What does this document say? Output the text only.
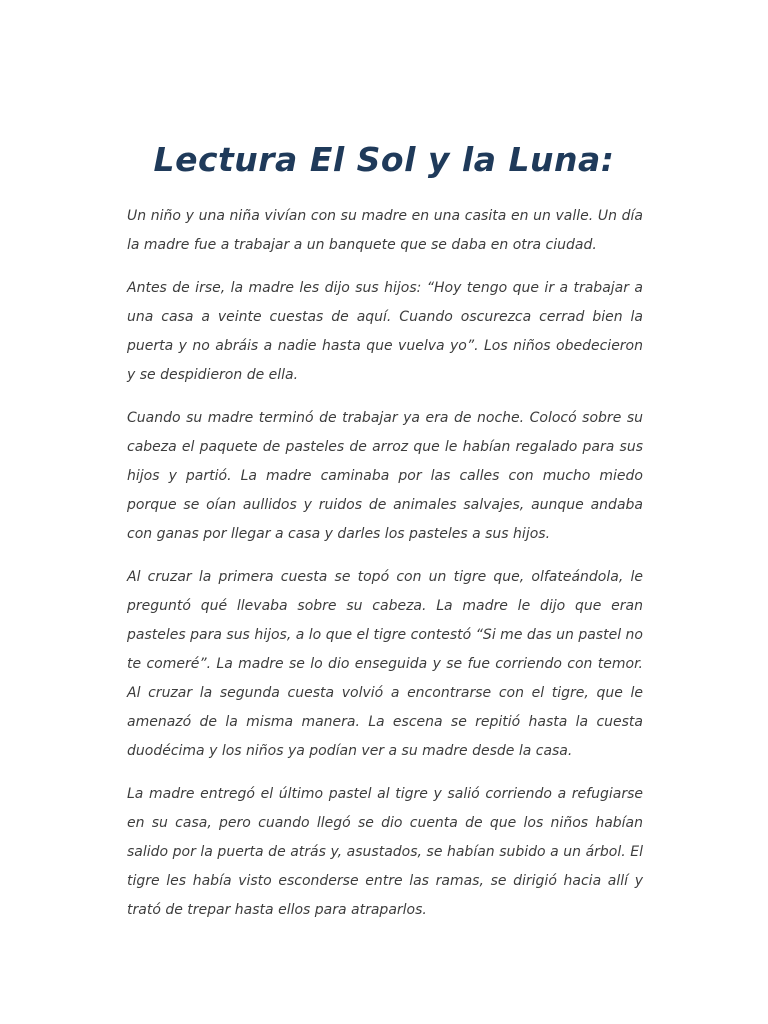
Lectura El Sol y la Luna:

Un niño y una niña vivían con su madre en una casita en un valle. Un día la madre fue a trabajar a un banquete que se daba en otra ciudad.

Antes de irse, la madre les dijo sus hijos: “Hoy tengo que ir a trabajar a una casa a veinte cuestas de aquí. Cuando oscurezca cerrad bien la puerta y no abráis a nadie hasta que vuelva yo”. Los niños obedecieron y se despidieron de ella.

Cuando su madre terminó de trabajar ya era de noche. Colocó sobre su cabeza el paquete de pasteles de arroz que le habían regalado para sus hijos y partió. La madre caminaba por las calles con mucho miedo porque se oían aullidos y ruidos de animales salvajes, aunque andaba con ganas por llegar a casa y darles los pasteles a sus hijos.

Al cruzar la primera cuesta se topó con un tigre que, olfateándola, le preguntó qué llevaba sobre su cabeza. La madre le dijo que eran pasteles para sus hijos, a lo que el tigre contestó “Si me das un pastel no te comeré”. La madre se lo dio enseguida y se fue corriendo con temor. Al cruzar la segunda cuesta volvió a encontrarse con el tigre, que le amenazó de la misma manera. La escena se repitió hasta la cuesta duodécima y los niños ya podían ver a su madre desde la casa.

La madre entregó el último pastel al tigre y salió corriendo a refugiarse en su casa, pero cuando llegó se dio cuenta de que los niños habían salido por la puerta de atrás y, asustados, se habían subido a un árbol. El tigre les había visto esconderse entre las ramas, se dirigió hacia allí y trató de trepar hasta ellos para atraparlos.
